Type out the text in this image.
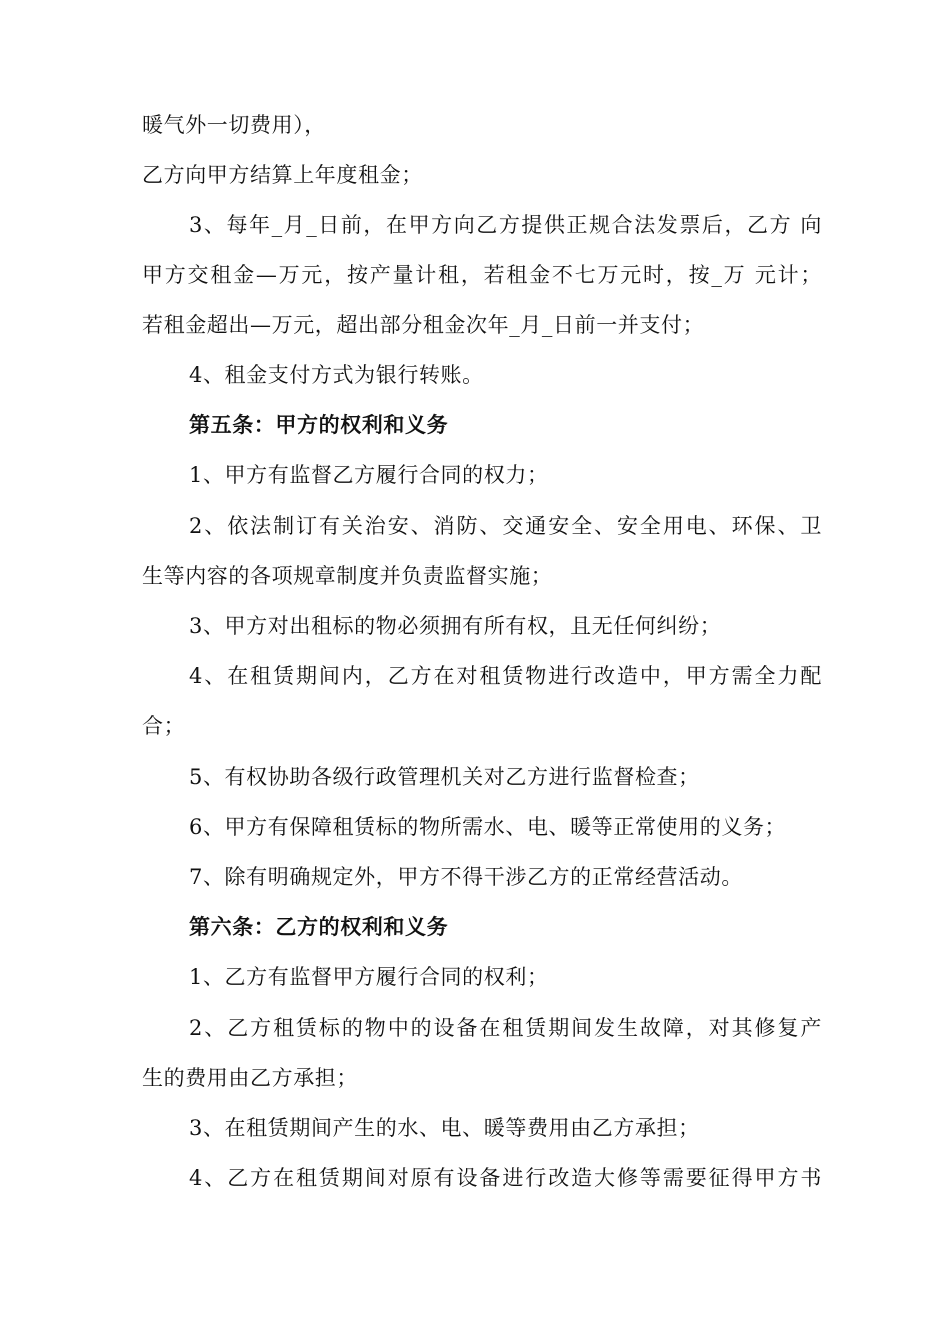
暖气外一切费用），
乙方向甲方结算上年度租金；
3、每年_月_日前，在甲方向乙方提供正规合法发票后，乙方 向
甲方交租金—万元，按产量计租，若租金不七万元时，按_万 元计；
若租金超出—万元，超出部分租金次年_月_日前一并支付；
4、租金支付方式为银行转账。
第五条：甲方的权利和义务
1、甲方有监督乙方履行合同的权力；
2、依法制订有关治安、消防、交通安全、安全用电、环保、卫
生等内容的各项规章制度并负责监督实施；
3、甲方对出租标的物必须拥有所有权，且无任何纠纷；
4、在租赁期间内，乙方在对租赁物进行改造中，甲方需全力配
合；
5、有权协助各级行政管理机关对乙方进行监督检查；
6、甲方有保障租赁标的物所需水、电、暖等正常使用的义务；
7、除有明确规定外，甲方不得干涉乙方的正常经营活动。
第六条：乙方的权利和义务
1、乙方有监督甲方履行合同的权利；
2、乙方租赁标的物中的设备在租赁期间发生故障，对其修复产
生的费用由乙方承担；
3、在租赁期间产生的水、电、暖等费用由乙方承担；
4、乙方在租赁期间对原有设备进行改造大修等需要征得甲方书
